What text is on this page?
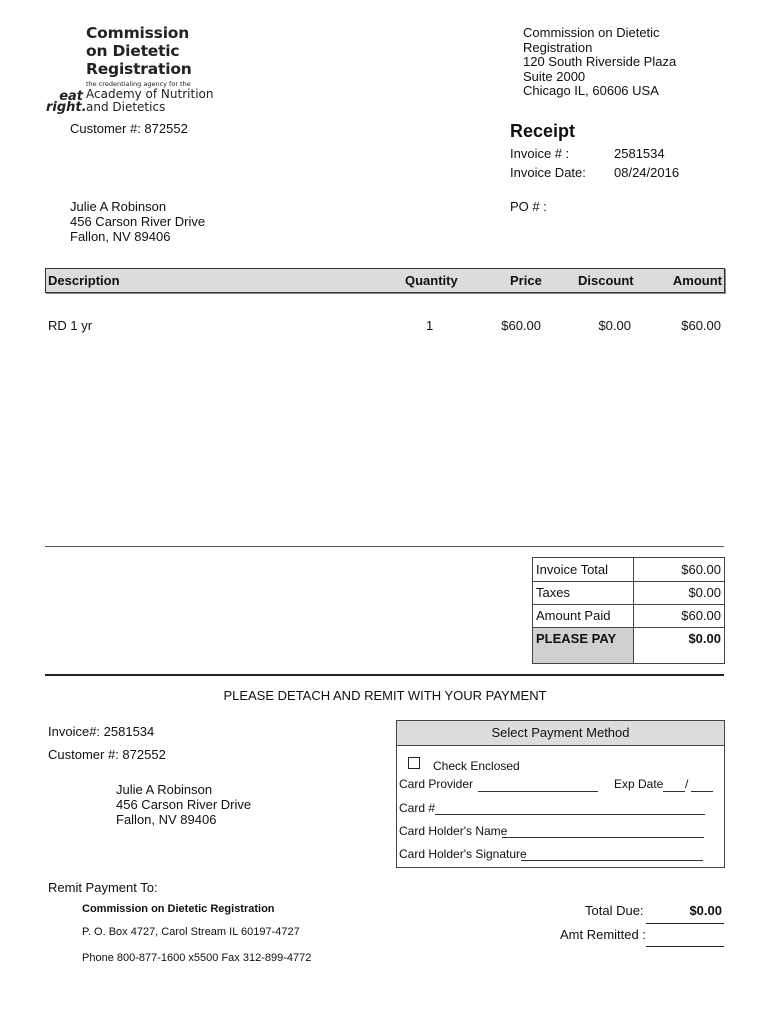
Commission
on Dietetic
Registration
the credentialing agency for the
eat
right.
Academy of Nutrition
and Dietetics
Commission on Dietetic
Registration
120 South Riverside Plaza
Suite 2000
Chicago IL, 60606 USA
Customer #: 872552	Receipt
Invoice # :	2581534
Invoice Date: 08/24/2016
PO # :
Julie A Robinson
456 Carson River Drive
Fallon, NV 89406
Description	Quantity	Price	Discount	Amount
RD 1 yr	1	$60.00	$0.00	$60.00
Invoice Total	$60.00
Taxes	$0.00
Amount Paid	$60.00
PLEASE PAY	$0.00
PLEASE DETACH AND REMIT WITH YOUR PAYMENT
Invoice#: 2581534
Customer #: 872552
Julie A Robinson
456 Carson River Drive
Fallon, NV 89406
Select Payment Method
Check Enclosed
Card Provider	Exp Date /
Card #
Card Holder's Name
Card Holder's Signature
Remit Payment To:
Commission on Dietetic Registration
P. O. Box 4727, Carol Stream IL 60197-4727
Phone 800-877-1600 x5500 Fax 312-899-4772
Total Due:	$0.00
Amt Remitted :
